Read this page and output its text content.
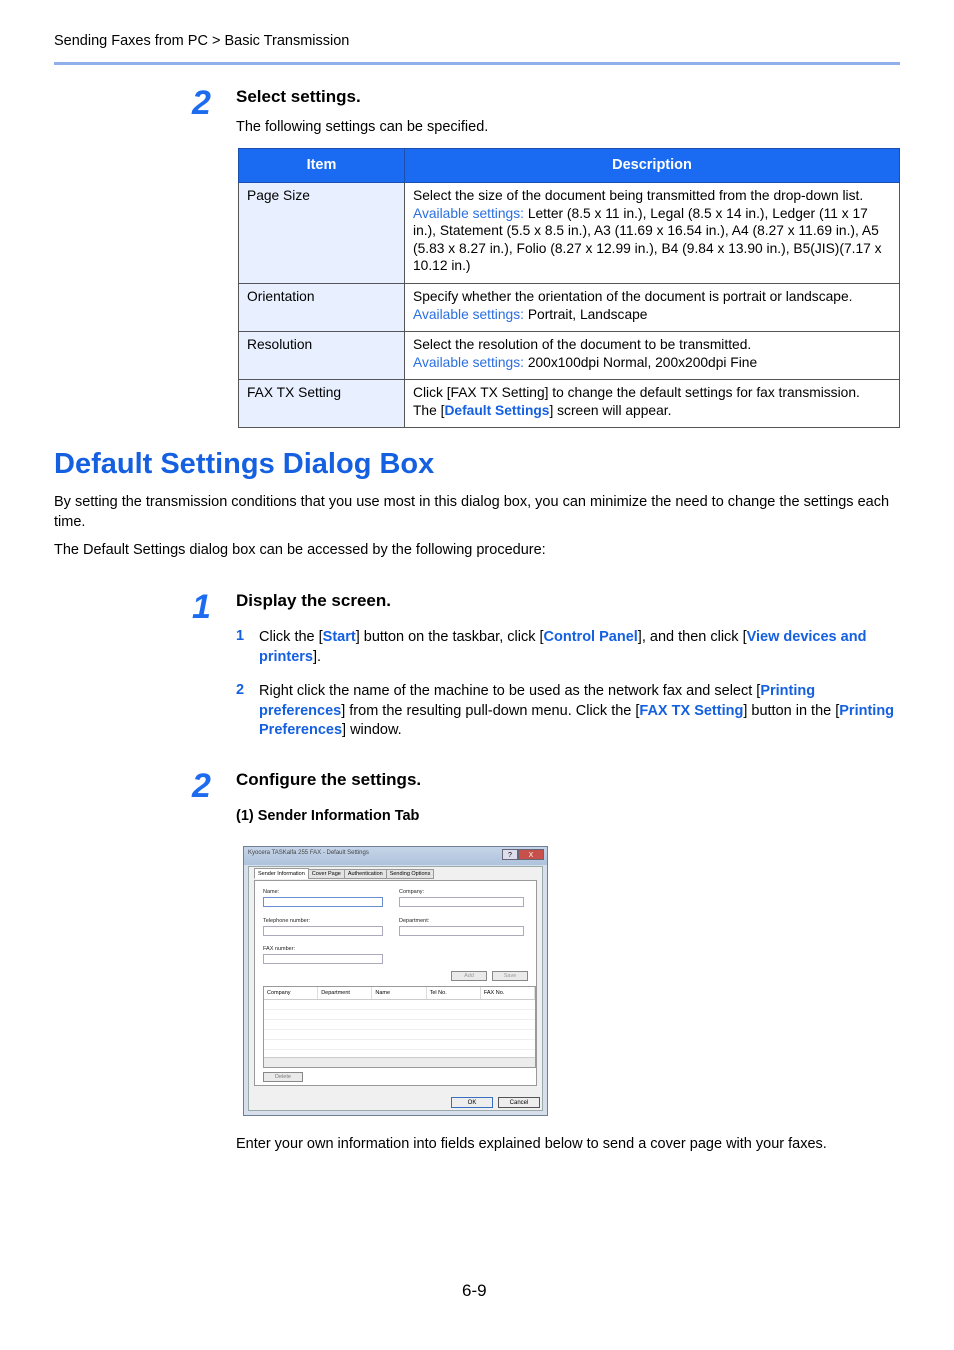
Sending Faxes from PC > Basic Transmission
2 Select settings.
The following settings can be specified.
Item	Description
Page Size	Select the size of the document being transmitted from the drop-down list.
Available settings: Letter (8.5 x 11 in.), Legal (8.5 x 14 in.), Ledger (11 x 17 in.), Statement (5.5 x 8.5 in.), A3 (11.69 x 16.54 in.), A4 (8.27 x 11.69 in.), A5 (5.83 x 8.27 in.), Folio (8.27 x 12.99 in.), B4 (9.84 x 13.90 in.), B5(JIS)(7.17 x 10.12 in.)
Orientation	Specify whether the orientation of the document is portrait or landscape.
Available settings: Portrait, Landscape
Resolution	Select the resolution of the document to be transmitted.
Available settings: 200x100dpi Normal, 200x200dpi Fine
FAX TX Setting	Click [FAX TX Setting] to change the default settings for fax transmission.
The [Default Settings] screen will appear.
Default Settings Dialog Box
By setting the transmission conditions that you use most in this dialog box, you can minimize the need to change the settings each time.
The Default Settings dialog box can be accessed by the following procedure:
1 Display the screen.
1 Click the [Start] button on the taskbar, click [Control Panel], and then click [View devices and printers].
2 Right click the name of the machine to be used as the network fax and select [Printing preferences] from the resulting pull-down menu. Click the [FAX TX Setting] button in the [Printing Preferences] window.
2 Configure the settings.
(1) Sender Information Tab
Kyocera TASKalfa 255 FAX - Default Settings	?	X
Sender Information	Cover Page	Authentication	Sending Options
Name:	Company:
Telephone number:	Department:
FAX number:
Add	Save
Company	Department	Name	Tel No.	FAX No.
Delete
OK	Cancel
Enter your own information into fields explained below to send a cover page with your faxes.
6-9
